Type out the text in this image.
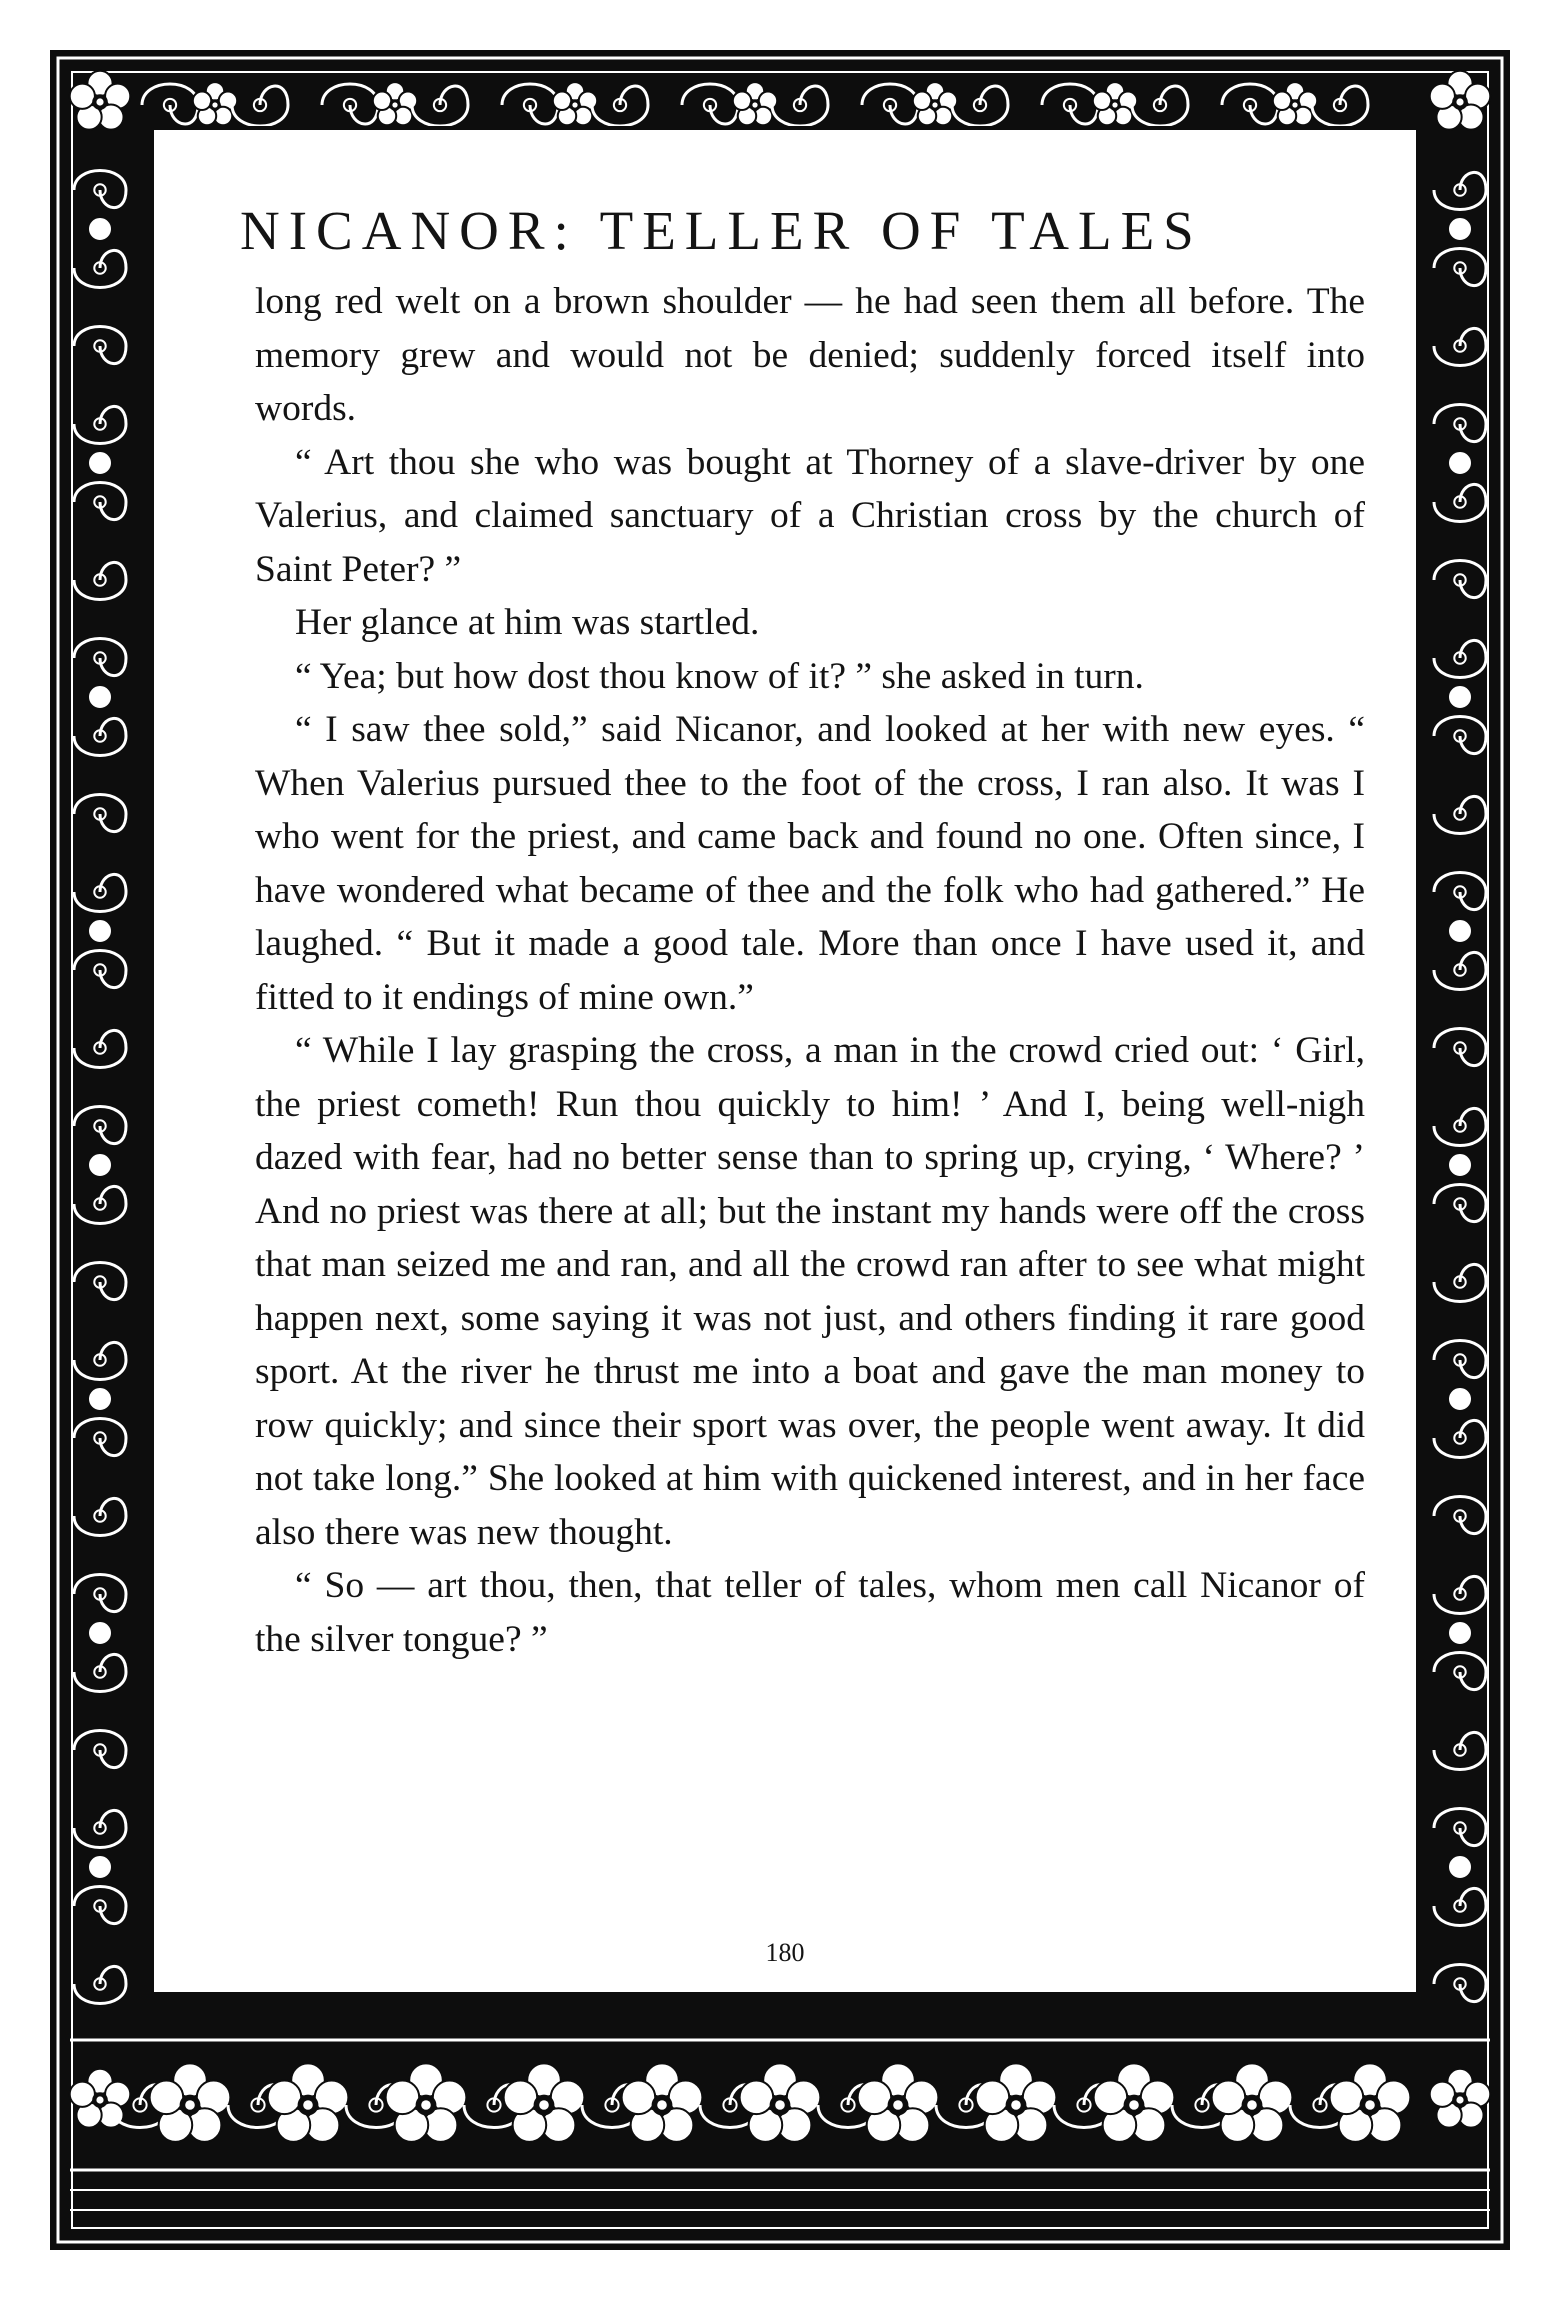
NICANOR: TELLER OF TALES

long red welt on a brown shoulder — he had seen them all before. The memory grew and would not be denied; suddenly forced itself into words.

“ Art thou she who was bought at Thorney of a slave-driver by one Valerius, and claimed sanctuary of a Christian cross by the church of Saint Peter? ”

Her glance at him was startled.

“ Yea; but how dost thou know of it? ” she asked in turn.

“ I saw thee sold,” said Nicanor, and looked at her with new eyes. “ When Valerius pursued thee to the foot of the cross, I ran also. It was I who went for the priest, and came back and found no one. Often since, I have wondered what became of thee and the folk who had gathered.” He laughed. “ But it made a good tale. More than once I have used it, and fitted to it endings of mine own.”

“ While I lay grasping the cross, a man in the crowd cried out: ‘ Girl, the priest cometh! Run thou quickly to him! ’ And I, being well-nigh dazed with fear, had no better sense than to spring up, crying, ‘ Where? ’ And no priest was there at all; but the instant my hands were off the cross that man seized me and ran, and all the crowd ran after to see what might happen next, some saying it was not just, and others finding it rare good sport. At the river he thrust me into a boat and gave the man money to row quickly; and since their sport was over, the people went away. It did not take long.” She looked at him with quickened interest, and in her face also there was new thought.

“ So — art thou, then, that teller of tales, whom men call Nicanor of the silver tongue? ”

180
